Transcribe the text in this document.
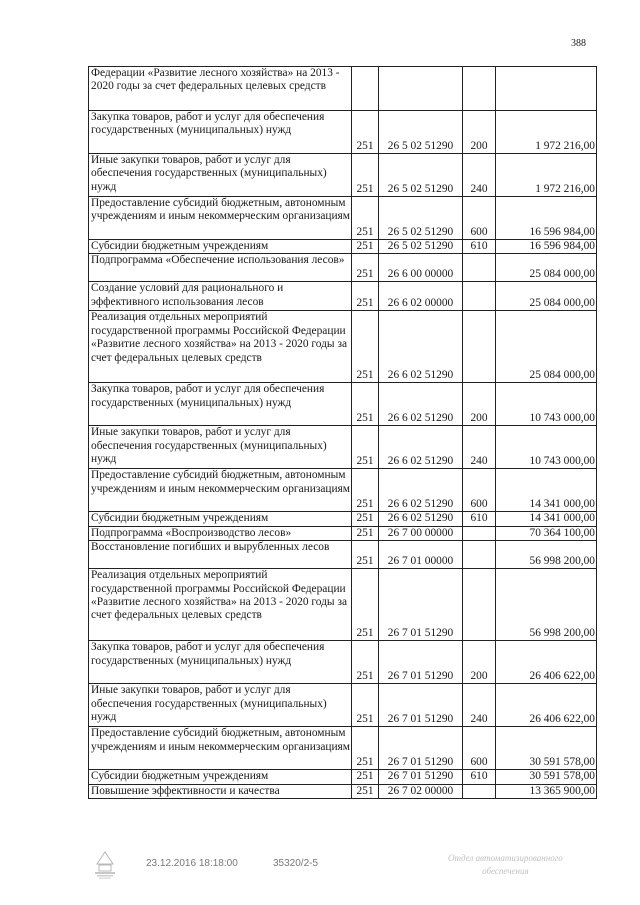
388
Федерации «Развитие лесного хозяйства» на 2013 - 2020 годы за счет федеральных целевых средств				
Закупка товаров, работ и услуг для обеспечения государственных (муниципальных) нужд	251	26 5 02 51290	200	1 972 216,00
Иные закупки товаров, работ и услуг для обеспечения государственных (муниципальных) нужд	251	26 5 02 51290	240	1 972 216,00
Предоставление субсидий бюджетным, автономным учреждениям и иным некоммерческим организациям	251	26 5 02 51290	600	16 596 984,00
Субсидии бюджетным учреждениям	251	26 5 02 51290	610	16 596 984,00
Подпрограмма «Обеспечение использования лесов»	251	26 6 00 00000		25 084 000,00
Создание условий для рационального и эффективного использования лесов	251	26 6 02 00000		25 084 000,00
Реализация отдельных мероприятий государственной программы Российской Федерации «Развитие лесного хозяйства» на 2013 - 2020 годы за счет федеральных целевых средств	251	26 6 02 51290		25 084 000,00
Закупка товаров, работ и услуг для обеспечения государственных (муниципальных) нужд	251	26 6 02 51290	200	10 743 000,00
Иные закупки товаров, работ и услуг для обеспечения государственных (муниципальных) нужд	251	26 6 02 51290	240	10 743 000,00
Предоставление субсидий бюджетным, автономным учреждениям и иным некоммерческим организациям	251	26 6 02 51290	600	14 341 000,00
Субсидии бюджетным учреждениям	251	26 6 02 51290	610	14 341 000,00
Подпрограмма «Воспроизводство лесов»	251	26 7 00 00000		70 364 100,00
Восстановление погибших и вырубленных лесов	251	26 7 01 00000		56 998 200,00
Реализация отдельных мероприятий государственной программы Российской Федерации «Развитие лесного хозяйства» на 2013 - 2020 годы за счет федеральных целевых средств	251	26 7 01 51290		56 998 200,00
Закупка товаров, работ и услуг для обеспечения государственных (муниципальных) нужд	251	26 7 01 51290	200	26 406 622,00
Иные закупки товаров, работ и услуг для обеспечения государственных (муниципальных) нужд	251	26 7 01 51290	240	26 406 622,00
Предоставление субсидий бюджетным, автономным учреждениям и иным некоммерческим организациям	251	26 7 01 51290	600	30 591 578,00
Субсидии бюджетным учреждениям	251	26 7 01 51290	610	30 591 578,00
Повышение эффективности и качества	251	26 7 02 00000		13 365 900,00
23.12.2016 18:18:00	35320/2-5	Отдел автоматизированного
обеспечения
